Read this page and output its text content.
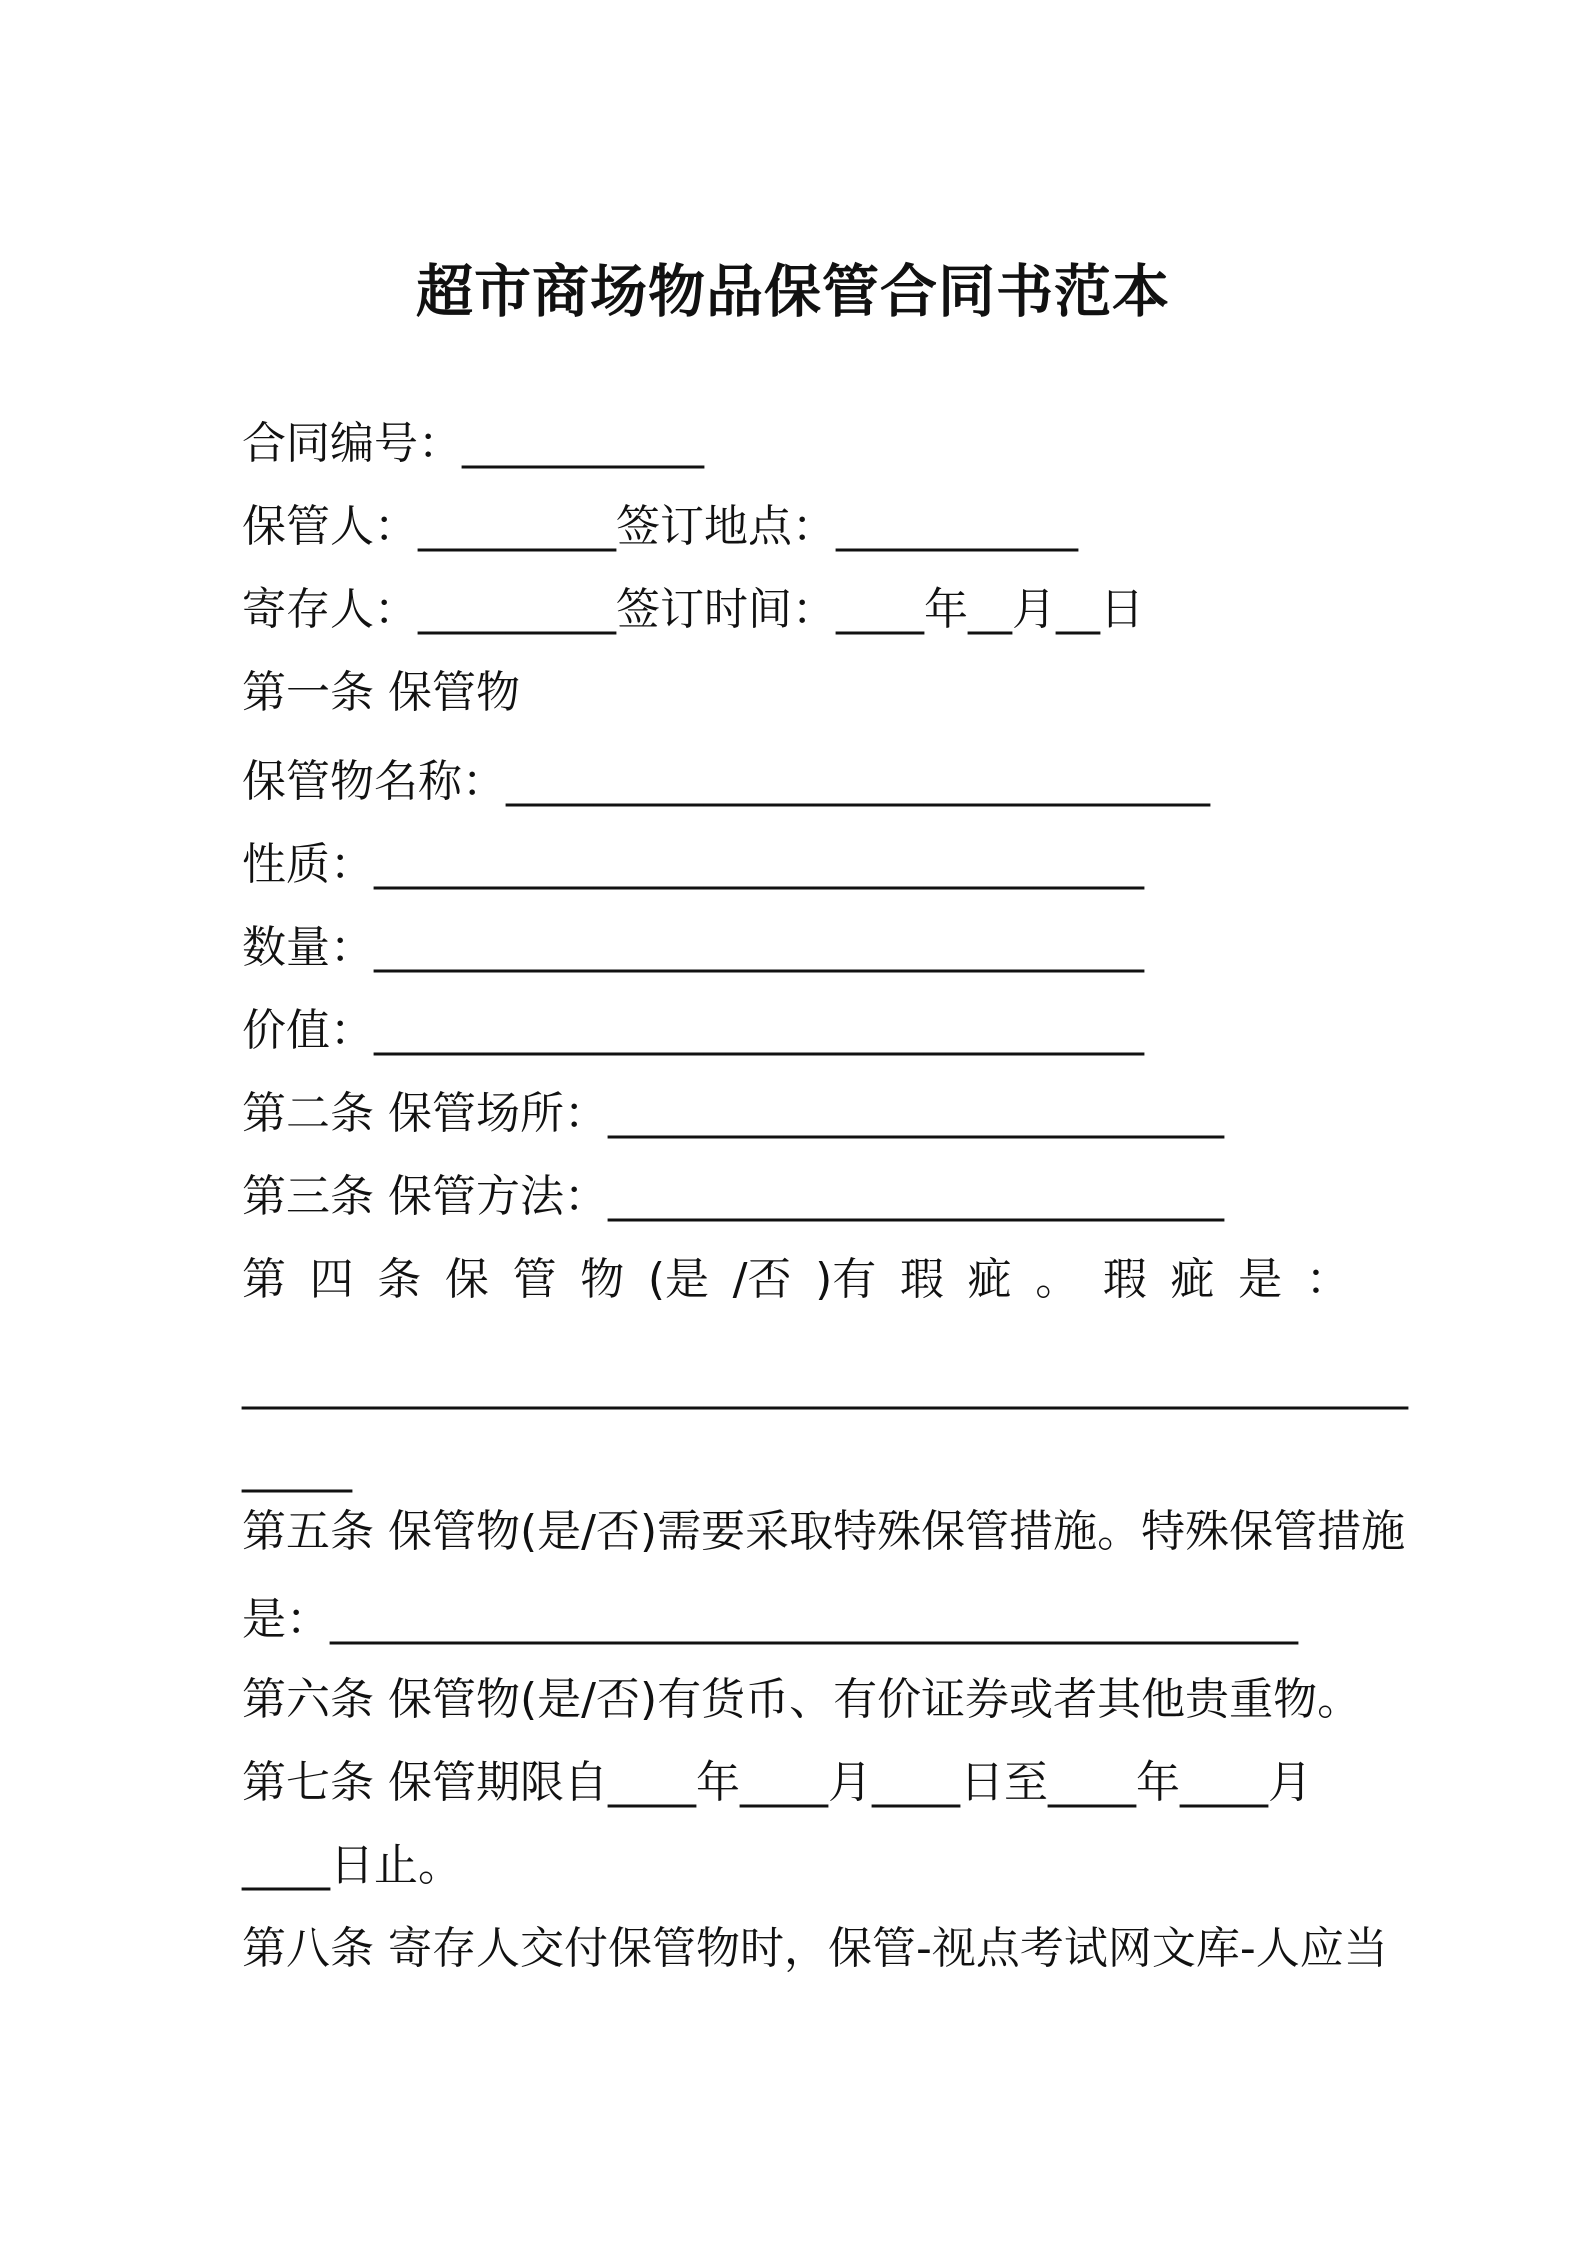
超市商场物品保管合同书范本
合同编号：___________
保管人：_________签订地点：___________
寄存人：_________签订时间：____年__月__日
第一条 保管物
保管物名称：________________________________
性质：___________________________________
数量：___________________________________
价值：___________________________________
第二条 保管场所：____________________________
第三条 保管方法：____________________________
第 四 条 保 管 物 (是 /否 )有 瑕 疵 。 瑕 疵 是 ：
_____________________________________________________
_____
第五条 保管物(是/否)需要采取特殊保管措施。特殊保管措施
是：____________________________________________
第六条 保管物(是/否)有货币、有价证券或者其他贵重物。
第七条 保管期限自____年____月____日至____年____月
____日止。
第八条 寄存人交付保管物时，保管-视点考试网文库-人应当
